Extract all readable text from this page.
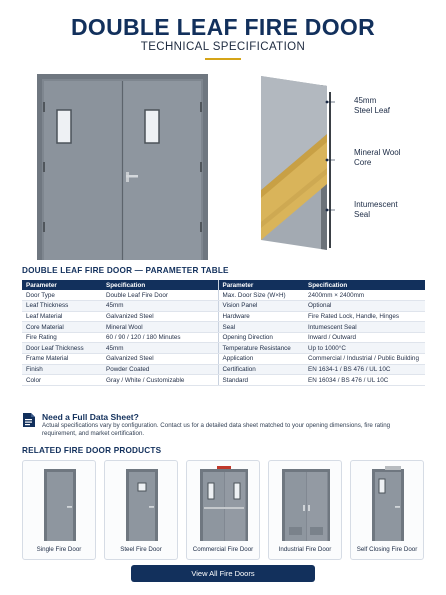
DOUBLE LEAF FIRE DOOR
TECHNICAL SPECIFICATION
45mm
Steel Leaf
Mineral Wool
Core
Intumescent
Seal
DOUBLE LEAF FIRE DOOR — PARAMETER TABLE
Parameter	Specification	Parameter	Specification
Door Type	Double Leaf Fire Door	Max. Door Size (W×H)	2400mm × 2400mm
Leaf Thickness	45mm	Vision Panel	Optional
Leaf Material	Galvanized Steel	Hardware	Fire Rated Lock, Handle, Hinges
Core Material	Mineral Wool	Seal	Intumescent Seal
Fire Rating	60 / 90 / 120 / 180 Minutes	Opening Direction	Inward / Outward
Door Leaf Thickness	45mm	Temperature Resistance	Up to 1000°C
Frame Material	Galvanized Steel	Application	Commercial / Industrial / Public Building
Finish	Powder Coated	Certification	EN 1634-1 / BS 476 / UL 10C
Color	Gray / White / Customizable	Standard	EN 16034 / BS 476 / UL 10C
Need a Full Data Sheet?
Actual specifications vary by configuration. Contact us for a detailed data sheet matched to your opening dimensions, fire rating requirement, and market certification.
RELATED FIRE DOOR PRODUCTS
Single Fire Door	Steel Fire Door	Commercial Fire Door	Industrial Fire Door	Self Closing Fire Door
View All Fire Doors
